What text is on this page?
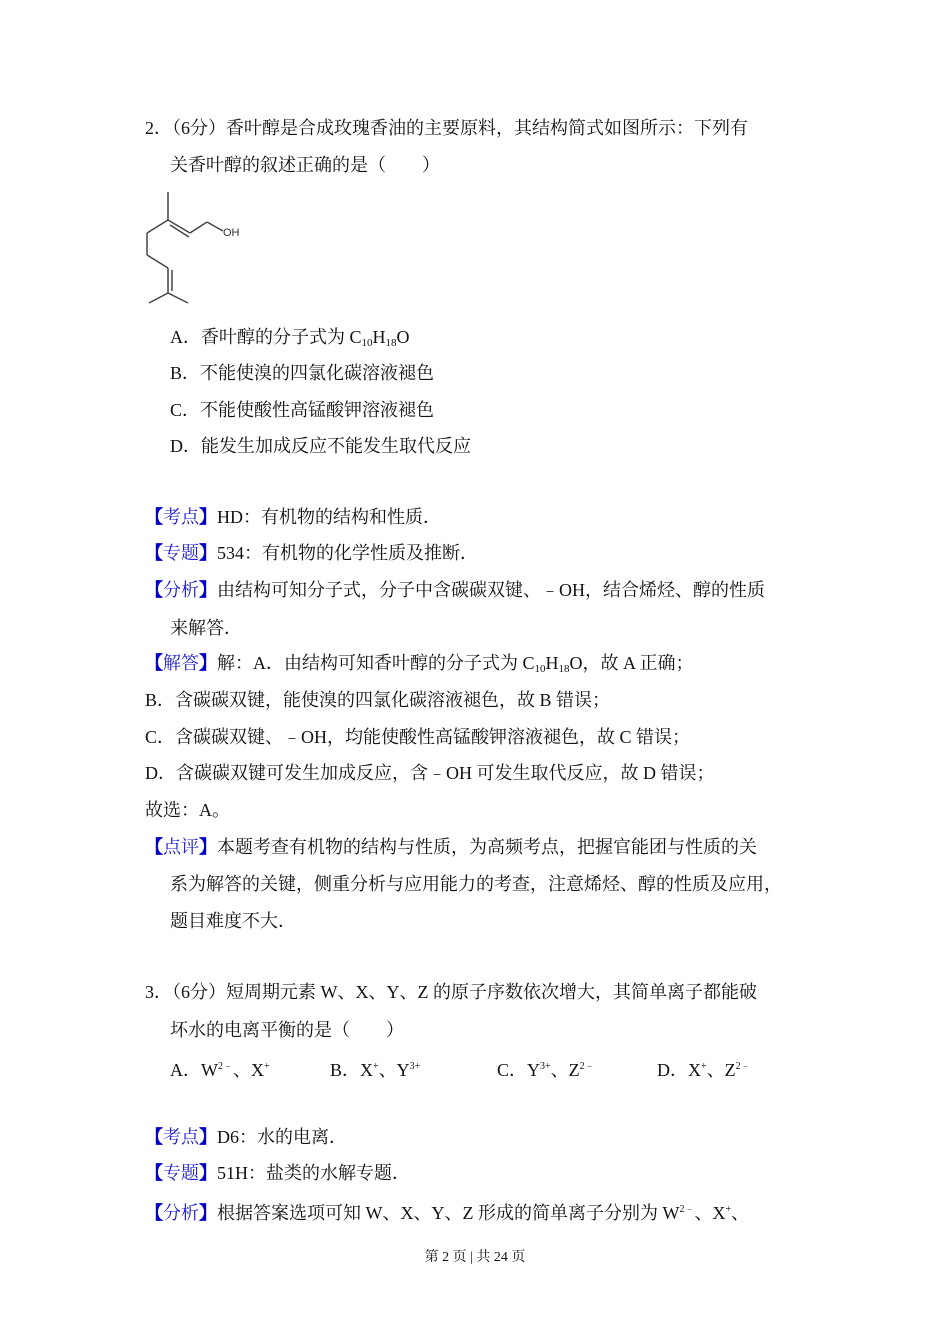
2．（6分）香叶醇是合成玫瑰香油的主要原料，其结构简式如图所示：下列有
关香叶醇的叙述正确的是（　　）
OH
A．香叶醇的分子式为 $C_{10}H_{18}O$
B．不能使溴的四氯化碳溶液褪色
C．不能使酸性高锰酸钾溶液褪色
D．能发生加成反应不能发生取代反应
【考点】HD：有机物的结构和性质．
【专题】534：有机物的化学性质及推断．
【分析】由结构可知分子式，分子中含碳碳双键、﹣OH，结合烯烃、醇的性质
来解答．
【解答】解：A．由结构可知香叶醇的分子式为 $C_{10}H_{18}O$，故 A 正确；
B．含碳碳双键，能使溴的四氯化碳溶液褪色，故 B 错误；
C．含碳碳双键、﹣OH，均能使酸性高锰酸钾溶液褪色，故 C 错误；
D．含碳碳双键可发生加成反应，含﹣OH 可发生取代反应，故 D 错误；
故选：A。
【点评】本题考查有机物的结构与性质，为高频考点，把握官能团与性质的关
系为解答的关键，侧重分析与应用能力的考查，注意烯烃、醇的性质及应用，
题目难度不大．
3．（6分）短周期元素 W、X、Y、Z 的原子序数依次增大，其简单离子都能破
坏水的电离平衡的是（　　）
A．$W^{2﹣}$、X+	B．X+、$Y^{3+}$	C．$Y^{3+}$、$Z^{2﹣}$	D．X+、$Z^{2﹣}$
【考点】D6：水的电离．
【专题】51H：盐类的水解专题．
【分析】根据答案选项可知 W、X、Y、Z 形成的简单离子分别为 $W^{2﹣}$、X+、
第 2 页 | 共 24 页
